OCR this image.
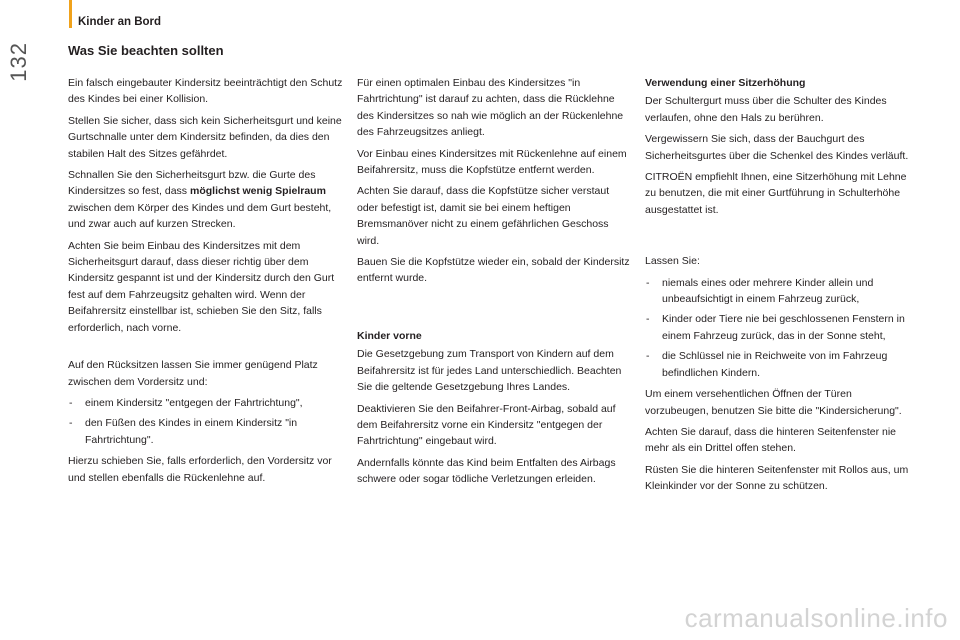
132
Kinder an Bord
Was Sie beachten sollten

Ein falsch eingebauter Kindersitz beeinträchtigt den Schutz des Kindes bei einer Kollision.

Stellen Sie sicher, dass sich kein Sicherheitsgurt und keine Gurtschnalle unter dem Kindersitz befinden, da dies den stabilen Halt des Sitzes gefährdet.

Schnallen Sie den Sicherheitsgurt bzw. die Gurte des Kindersitzes so fest, dass möglichst wenig Spielraum zwischen dem Körper des Kindes und dem Gurt besteht, und zwar auch auf kurzen Strecken.

Achten Sie beim Einbau des Kindersitzes mit dem Sicherheitsgurt darauf, dass dieser richtig über dem Kindersitz gespannt ist und der Kindersitz durch den Gurt fest auf dem Fahrzeugsitz gehalten wird. Wenn der Beifahrersitz einstellbar ist, schieben Sie den Sitz, falls erforderlich, nach vorne.

Auf den Rücksitzen lassen Sie immer genügend Platz zwischen dem Vordersitz und:

- einem Kindersitz "entgegen der Fahrtrichtung",
- den Füßen des Kindes in einem Kindersitz "in Fahrtrichtung".

Hierzu schieben Sie, falls erforderlich, den Vordersitz vor und stellen ebenfalls die Rückenlehne auf.

Für einen optimalen Einbau des Kindersitzes "in Fahrtrichtung" ist darauf zu achten, dass die Rücklehne des Kindersitzes so nah wie möglich an der Rückenlehne des Fahrzeugsitzes anliegt.

Vor Einbau eines Kindersitzes mit Rückenlehne auf einem Beifahrersitz, muss die Kopfstütze entfernt werden.

Achten Sie darauf, dass die Kopfstütze sicher verstaut oder befestigt ist, damit sie bei einem heftigen Bremsmanöver nicht zu einem gefährlichen Geschoss wird.

Bauen Sie die Kopfstütze wieder ein, sobald der Kindersitz entfernt wurde.

Kinder vorne

Die Gesetzgebung zum Transport von Kindern auf dem Beifahrersitz ist für jedes Land unterschiedlich. Beachten Sie die geltende Gesetzgebung Ihres Landes.

Deaktivieren Sie den Beifahrer-Front-Airbag, sobald auf dem Beifahrersitz vorne ein Kindersitz "entgegen der Fahrtrichtung" eingebaut wird.

Andernfalls könnte das Kind beim Entfalten des Airbags schwere oder sogar tödliche Verletzungen erleiden.

Verwendung einer Sitzerhöhung

Der Schultergurt muss über die Schulter des Kindes verlaufen, ohne den Hals zu berühren.

Vergewissern Sie sich, dass der Bauchgurt des Sicherheitsgurtes über die Schenkel des Kindes verläuft.

CITROËN empfiehlt Ihnen, eine Sitzerhöhung mit Lehne zu benutzen, die mit einer Gurtführung in Schulterhöhe ausgestattet ist.

Lassen Sie:

- niemals eines oder mehrere Kinder allein und unbeaufsichtigt in einem Fahrzeug zurück,
- Kinder oder Tiere nie bei geschlossenen Fenstern in einem Fahrzeug zurück, das in der Sonne steht,
- die Schlüssel nie in Reichweite von im Fahrzeug befindlichen Kindern.

Um einem versehentlichen Öffnen der Türen vorzubeugen, benutzen Sie bitte die "Kindersicherung".

Achten Sie darauf, dass die hinteren Seitenfenster nie mehr als ein Drittel offen stehen.

Rüsten Sie die hinteren Seitenfenster mit Rollos aus, um Kleinkinder vor der Sonne zu schützen.

carmanualsonline.info
